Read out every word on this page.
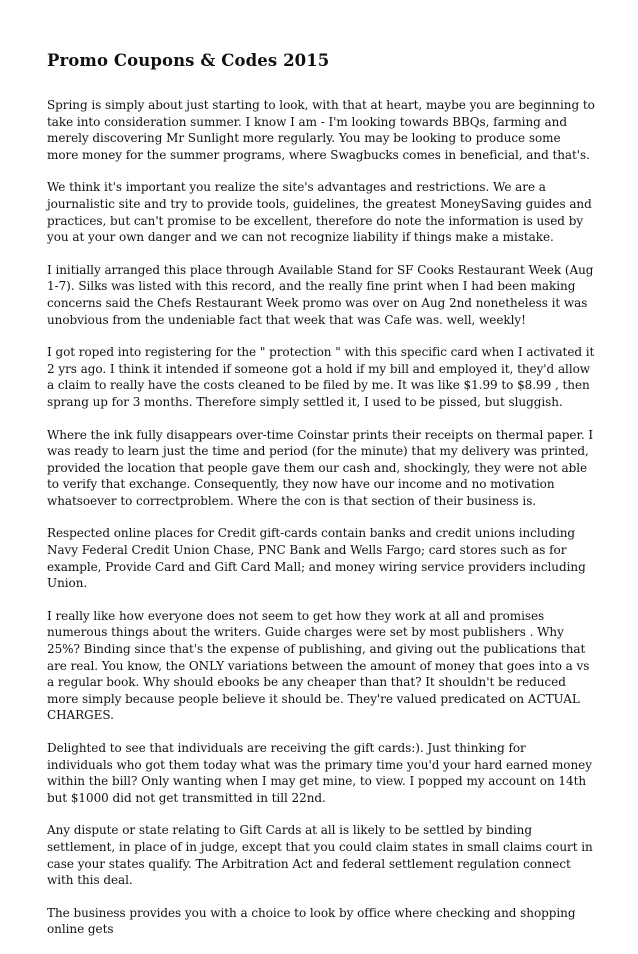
Promo Coupons & Codes 2015

Spring is simply about just starting to look, with that at heart, maybe you are beginning to take into consideration summer. I know I am - I'm looking towards BBQs, farming and merely discovering Mr Sunlight more regularly. You may be looking to produce some more money for the summer programs, where Swagbucks comes in beneficial, and that's.

We think it's important you realize the site's advantages and restrictions. We are a journalistic site and try to provide tools, guidelines, the greatest MoneySaving guides and practices, but can't promise to be excellent, therefore do note the information is used by you at your own danger and we can not recognize liability if things make a mistake.

I initially arranged this place through Available Stand for SF Cooks Restaurant Week (Aug 1-7). Silks was listed with this record, and the really fine print when I had been making concerns said the Chefs Restaurant Week promo was over on Aug 2nd nonetheless it was unobvious from the undeniable fact that week that was Cafe was. well, weekly!

I got roped into registering for the " protection " with this specific card when I activated it 2 yrs ago. I think it intended if someone got a hold if my bill and employed it, they'd allow a claim to really have the costs cleaned to be filed by me. It was like $1.99 to $8.99 , then sprang up for 3 months. Therefore simply settled it, I used to be pissed, but sluggish.

Where the ink fully disappears over-time Coinstar prints their receipts on thermal paper. I was ready to learn just the time and period (for the minute) that my delivery was printed, provided the location that people gave them our cash and, shockingly, they were not able to verify that exchange. Consequently, they now have our income and no motivation whatsoever to correctproblem. Where the con is that section of their business is.

Respected online places for Credit gift-cards contain banks and credit unions including Navy Federal Credit Union Chase, PNC Bank and Wells Fargo; card stores such as for example, Provide Card and Gift Card Mall; and money wiring service providers including Union.

I really like how everyone does not seem to get how they work at all and promises numerous things about the writers. Guide charges were set by most publishers . Why 25%? Binding since that's the expense of publishing, and giving out the publications that are real. You know, the ONLY variations between the amount of money that goes into a vs a regular book. Why should ebooks be any cheaper than that? It shouldn't be reduced more simply because people believe it should be. They're valued predicated on ACTUAL CHARGES.

Delighted to see that individuals are receiving the gift cards:). Just thinking for individuals who got them today what was the primary time you'd your hard earned money within the bill? Only wanting when I may get mine, to view. I popped my account on 14th but $1000 did not get transmitted in till 22nd.

Any dispute or state relating to Gift Cards at all is likely to be settled by binding settlement, in place of in judge, except that you could claim states in small claims court in case your states qualify. The Arbitration Act and federal settlement regulation connect with this deal.

The business provides you with a choice to look by office where checking and shopping online gets
